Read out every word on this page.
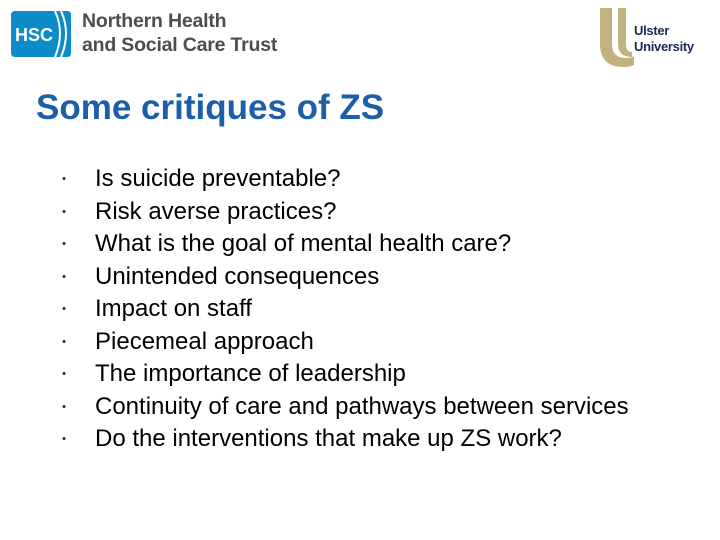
HSC
Northern Health
and Social Care Trust
Ulster
University
Some critiques of ZS
• Is suicide preventable?
• Risk averse practices?
• What is the goal of mental health care?
• Unintended consequences
• Impact on staff
• Piecemeal approach
• The importance of leadership
• Continuity of care and pathways between services
• Do the interventions that make up ZS work?
